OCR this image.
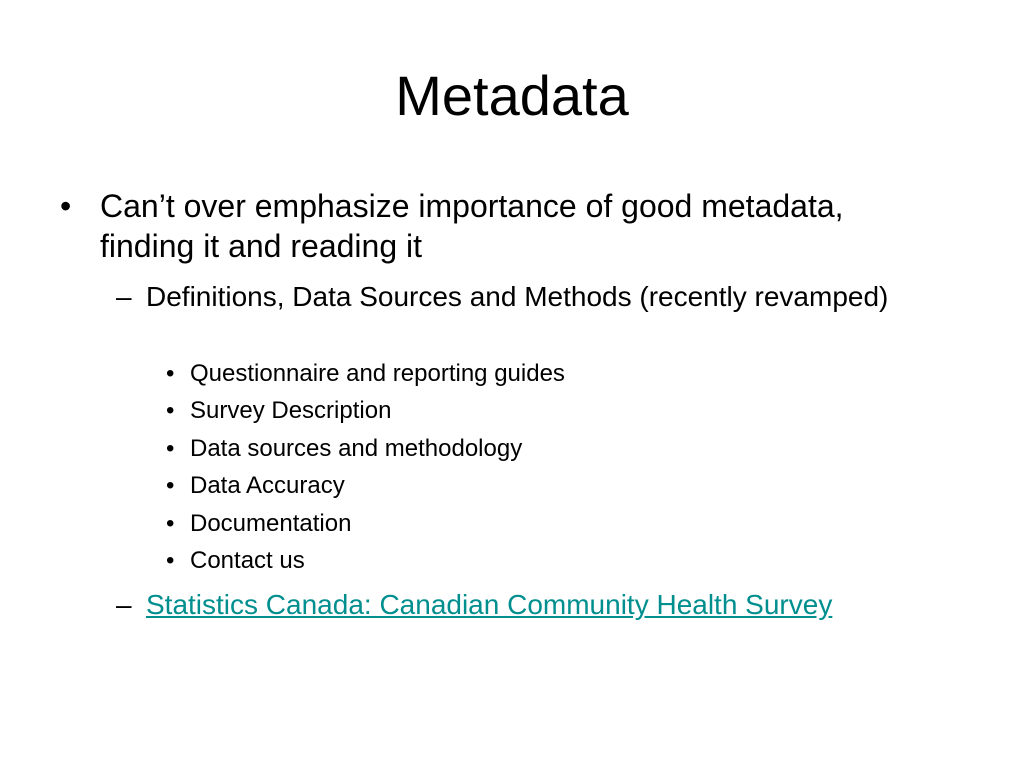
Metadata
• Can’t over emphasize importance of good metadata, finding it and reading it
– Definitions, Data Sources and Methods (recently revamped)
• Questionnaire and reporting guides
• Survey Description
• Data sources and methodology
• Data Accuracy
• Documentation
• Contact us
– Statistics Canada: Canadian Community Health Survey
